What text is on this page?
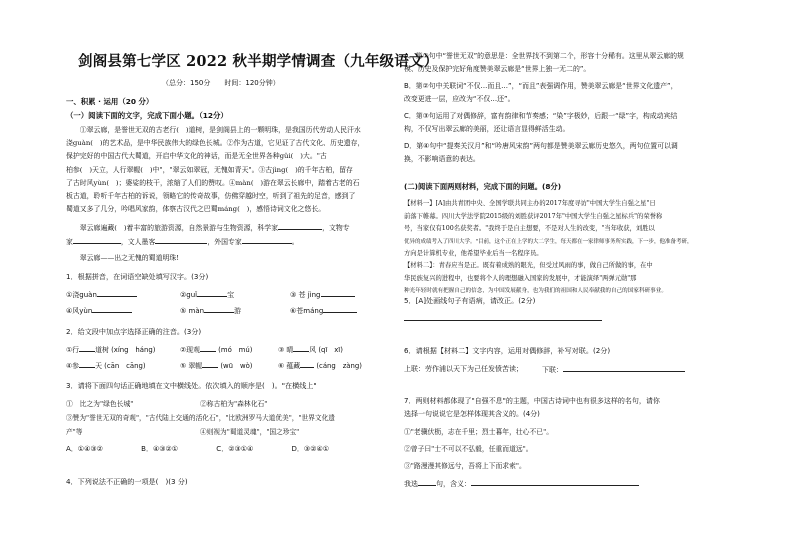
剑阁县第七学区 2022 秋半期学情调查（九年级语文）
（总分：150分　　时间：120分钟）
一、积累 · 运用（20 分）
（一）阅读下面的文字，完成下面小题。（12分）
　　①翠云廊，是誉世无双的古老行(　)道树，是剑阁县上的一颗明珠，是我国历代劳动人民汗水
浇guàn(　)的艺术品，是中华民族伟大的绿色长城。②作为古道，它见证了古代文化、历史遗存，
保护完好的中国古代大蜀道，开启中华文化的神话，而是无全世界各种gǔi(　)大。"古
柏参(　)天立，人行翠幄(　)中"，"翠云如翠冠，无愧如青天"。③古jìng(　)的千年古柏，留存
了古时风yùn(　)；婆娑的枝干，浓缩了人们的赞叹。④màn(　)游在翠云长廊中，踏着古老的石
板古道，聆听千年古柏的诉说，领略它的传奇故事，仿佛穿越时空，听到了祖先的足音，感到了
蜀道又多了几分，吟唱风家韵，体察古汉代之巴蜀máng(　)，感悟诗词文化之悠长。
　　翠云廊遍藏(　)着丰富的旅游资源，自然景游与生物资源，科学家	，文物专
家	，文人墨客	，外国专家	。
　　翠云廊——出之无愧的蜀道明珠!
1．根据拼音，在词语空缺处填写汉字。(3分)
①浇guàn	②guǐ	宝	③ 苍 jìng
④风yùn	⑤ màn	游	⑥苍máng
2．给文段中加点字选择正确的注音。(3分)
①行 道树 (xíng　háng)	②现观	(mó　mú)	③ 晴 风 (qī　xī)
④参 天 (cān　cāng)	⑤ 翠幄	(wū　wò)	⑥ 蕴藏 (cáng　zàng)
3．请将下面四句话正确地填在文中横线处。依次填入的顺序是(　)。"在横线上"
①　比之为"绿色长城"	②称古柏为"森林化石"
③赞为"誉世无双的奇观"，"古代陆上交通的活化石"，"比欧洲罗马大道优美"，"世界文化遗
产"等	④则视为"蜀道灵魂"，"国之珍宝"
A．①④③②	B．④③②①	C．②③①④	D．③②④①
4．下列说法不正确的一项是(　)(3 分)
A．第①句中“誉世无双”的意思是：全世界找不到第二个，形容十分稀有。这里从翠云廊的规
模、历史及保护完好角度赞美翠云廊是“世界上独一无二的”。
B．第②句中关联词“不仅…而且…”，“而且”表强调作用，赞美翠云廊是“世界文化遗产”，
改变更进一层，应改为“不仅…还”。
C．第③句运用了对偶修辞，富有韵律和节奏感；“染”字极妙，后跟一“绿”字，构成动宾结
构，不仅写出翠云廊的美丽，还让语言显得鲜活生动。
D．第④句中“提奏关汉月”和“吟唐风宋韵”两句都是赞美翠云廊历史悠久，两句位置可以调
换，不影响语意的表达。
(二)阅读下面两则材料，完成下面的问题。(8分)
【材料一】[A]由共青团中央、全国学联共同主办的2017年度寻访"中国大学生自强之星"日
前落下帷幕。四川大学法学院2015级的刘胜获评2017年"中国大学生自强之星标兵"的荣誉称
号，当家仅有100名获奖者。"我终于是自主想要，不是对人生的改变，"当年收获，刘胜以
优异的成绩考入了四川大学。"目前，这个正在上学的大二学生，每天都在一家律师事务所实践，下一步，他准备考研，
方向是计算机专业，他希望毕业后当一名程序员。
【材料二】：青春应当是正。既有着成熟的眼光，但受过风雨的事，做自己所做的事，在中
华民族复兴的进程中，也要将个人的理想融入国家的发展中，才能演绎"两弹元勋"那
种光年轻时就有把握自己的信念，为中国发展献身，也为我们的祖国和人民奉献我的自己的国家科研事业。
5．[A]处画线句子有语病，请改正。(2分)
6．请根据【材料二】文字内容，运用对偶修辞，补写对联。(2分)
上联：劳作浦以天下为己任发愤苦读；	下联：
7．两则材料都体现了"自强不息"的主题，中国古诗词中也有很多这样的名句，请你
选择一句说说它是怎样体现其含义的。(4分)
①"老骥伏枥，志在千里；烈士暮年，壮心不已"。
②曾子曰"士不可以不弘毅，任重而道远"。
③"路漫漫其修远兮，吾将上下而求索"。
我选	句，含义：
